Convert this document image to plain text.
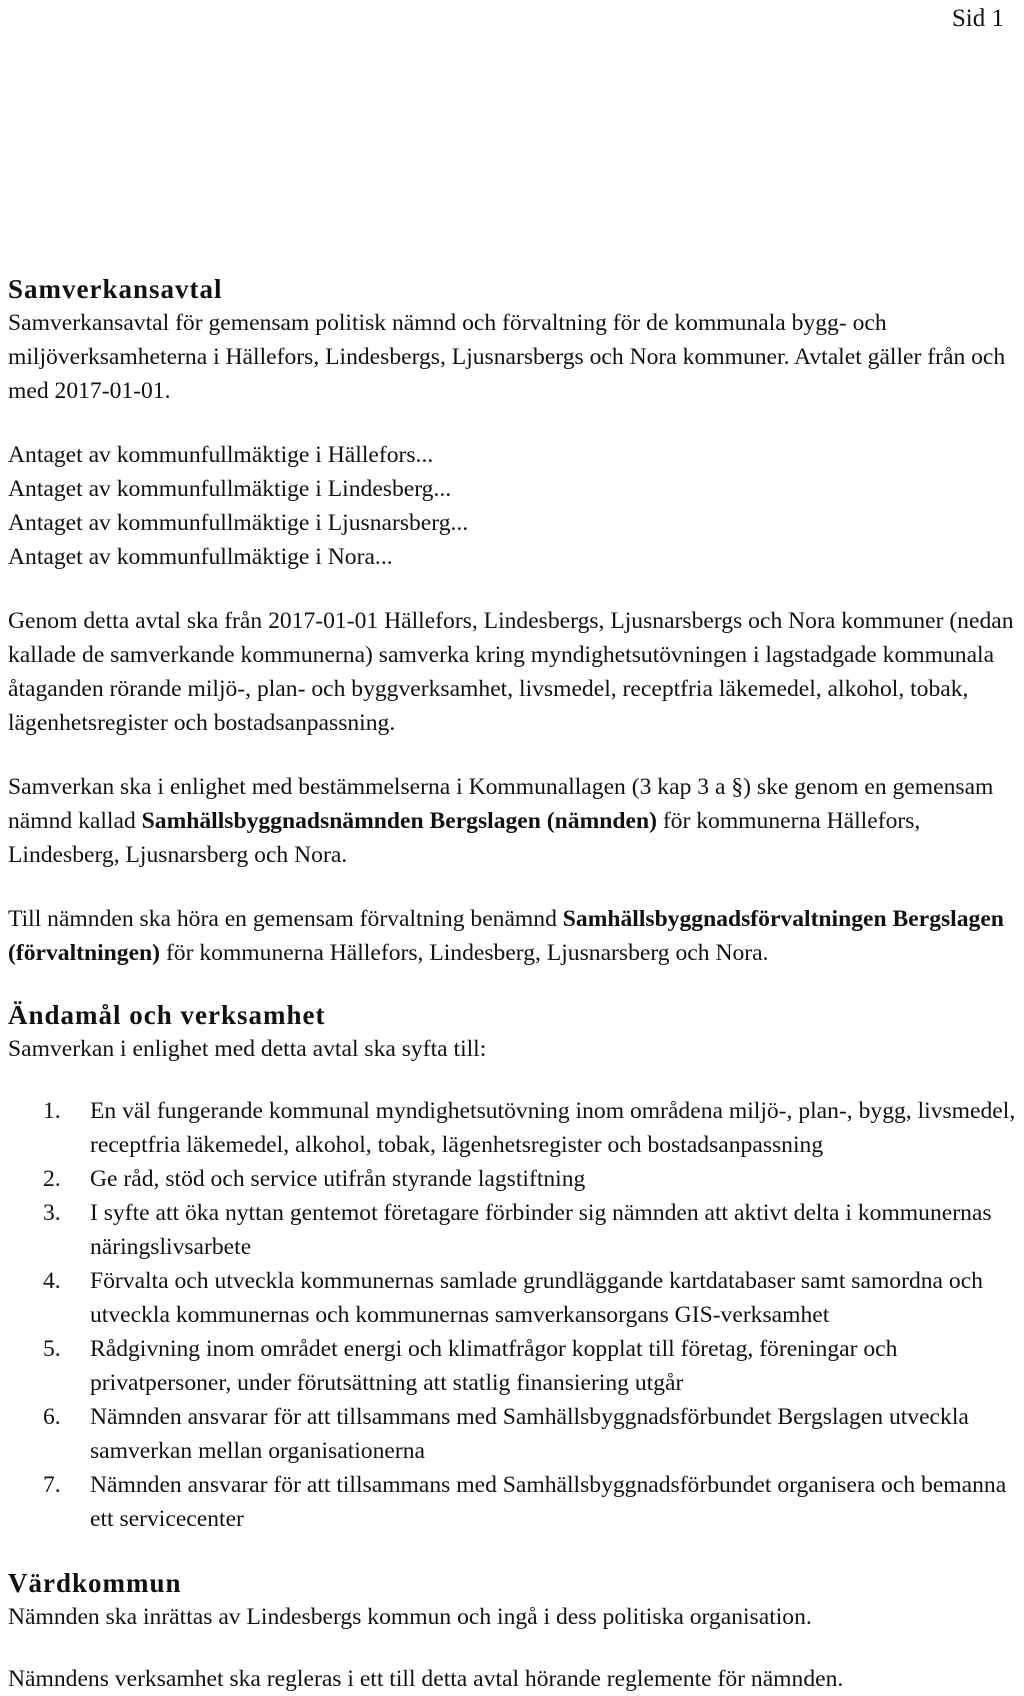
Sid 1
Samverkansavtal

Samverkansavtal för gemensam politisk nämnd och förvaltning för de kommunala bygg- och miljöverksamheterna i Hällefors, Lindesbergs, Ljusnarsbergs och Nora kommuner. Avtalet gäller från och med 2017-01-01.

Antaget av kommunfullmäktige i Hällefors...
Antaget av kommunfullmäktige i Lindesberg...
Antaget av kommunfullmäktige i Ljusnarsberg...
Antaget av kommunfullmäktige i Nora...

Genom detta avtal ska från 2017-01-01 Hällefors, Lindesbergs, Ljusnarsbergs och Nora kommuner (nedan kallade de samverkande kommunerna) samverka kring myndighetsutövningen i lagstadgade kommunala åtaganden rörande miljö-, plan- och byggverksamhet, livsmedel, receptfria läkemedel, alkohol, tobak, lägenhetsregister och bostadsanpassning.

Samverkan ska i enlighet med bestämmelserna i Kommunallagen (3 kap 3 a §) ske genom en gemensam nämnd kallad Samhällsbyggnadsnämnden Bergslagen (nämnden) för kommunerna Hällefors, Lindesberg, Ljusnarsberg och Nora.

Till nämnden ska höra en gemensam förvaltning benämnd Samhällsbyggnadsförvaltningen Bergslagen (förvaltningen) för kommunerna Hällefors, Lindesberg, Ljusnarsberg och Nora.

Ändamål och verksamhet

Samverkan i enlighet med detta avtal ska syfta till:

1. En väl fungerande kommunal myndighetsutövning inom områdena miljö-, plan-, bygg, livsmedel, receptfria läkemedel, alkohol, tobak, lägenhetsregister och bostadsanpassning
2. Ge råd, stöd och service utifrån styrande lagstiftning
3. I syfte att öka nyttan gentemot företagare förbinder sig nämnden att aktivt delta i kommunernas näringslivsarbete
4. Förvalta och utveckla kommunernas samlade grundläggande kartdatabaser samt samordna och utveckla kommunernas och kommunernas samverkansorgans GIS-verksamhet
5. Rådgivning inom området energi och klimatfrågor kopplat till företag, föreningar och privatpersoner, under förutsättning att statlig finansiering utgår
6. Nämnden ansvarar för att tillsammans med Samhällsbyggnadsförbundet Bergslagen utveckla samverkan mellan organisationerna
7. Nämnden ansvarar för att tillsammans med Samhällsbyggnadsförbundet organisera och bemanna ett servicecenter
Värdkommun

Nämnden ska inrättas av Lindesbergs kommun och ingå i dess politiska organisation.

Nämndens verksamhet ska regleras i ett till detta avtal hörande reglemente för nämnden.
